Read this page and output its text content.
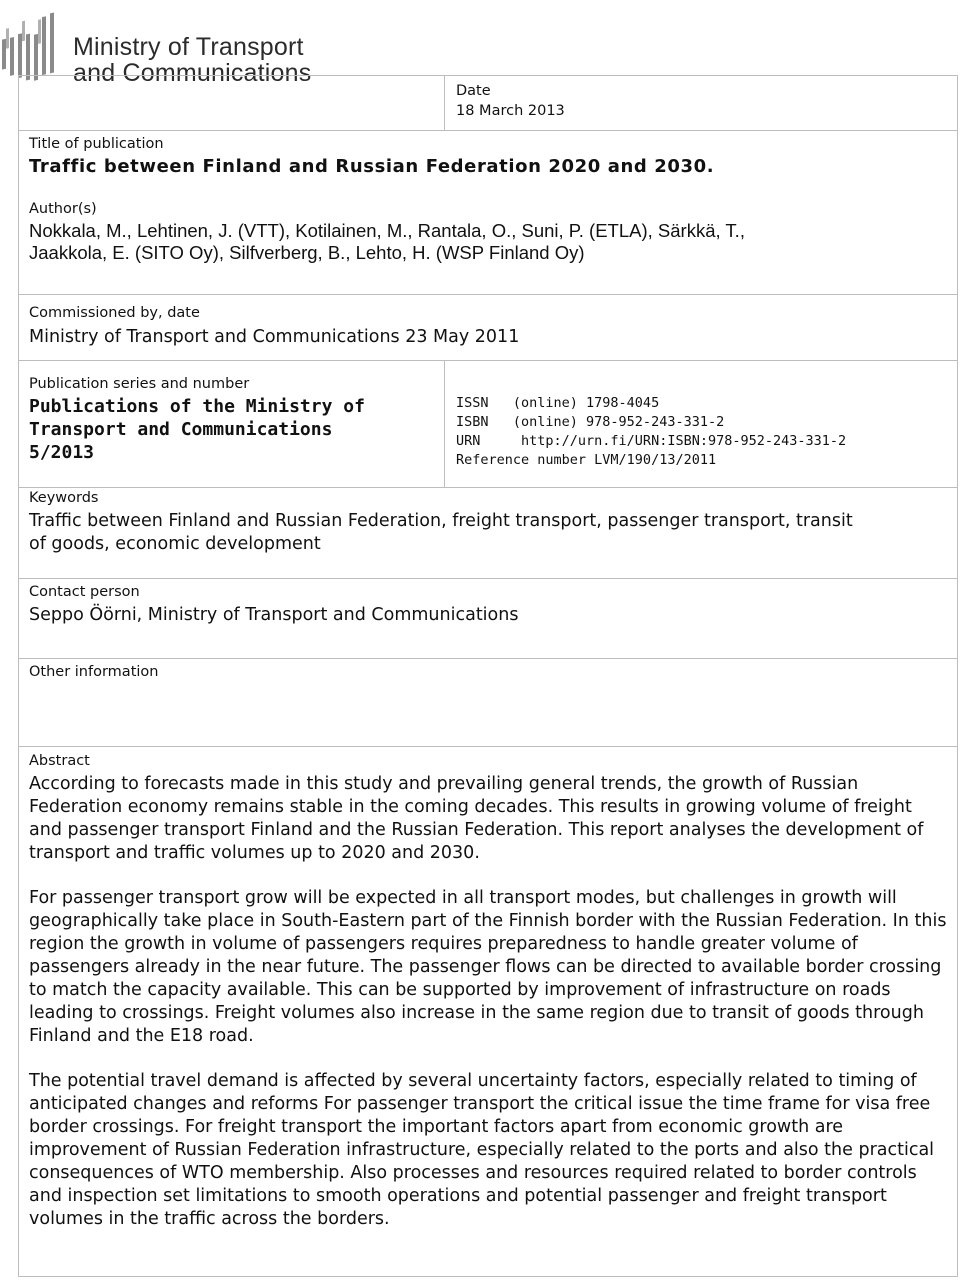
Ministry of Transport
and Communications
Date
18 March 2013
Title of publication
Traffic between Finland and Russian Federation 2020 and 2030.
Author(s)
Nokkala, M., Lehtinen, J. (VTT), Kotilainen, M., Rantala, O., Suni, P. (ETLA), Särkkä, T.,
Jaakkola, E. (SITO Oy), Silfverberg, B., Lehto, H. (WSP Finland Oy)
Commissioned by, date
Ministry of Transport and Communications 23 May 2011
Publication series and number
Publications of the Ministry of
Transport and Communications
5/2013
ISSN   (online) 1798-4045
ISBN   (online) 978-952-243-331-2
URN     http://urn.fi/URN:ISBN:978-952-243-331-2
Reference number LVM/190/13/2011
Keywords
Traffic between Finland and Russian Federation, freight transport, passenger transport, transit
of goods, economic development
Contact person
Seppo Öörni, Ministry of Transport and Communications
Other information
Abstract

According to forecasts made in this study and prevailing general trends, the growth of Russian Federation economy remains stable in the coming decades. This results in growing volume of freight and passenger transport Finland and the Russian Federation. This report analyses the development of transport and traffic volumes up to 2020 and 2030.

For passenger transport grow will be expected in all transport modes, but challenges in growth will geographically take place in South-Eastern part of the Finnish border with the Russian Federation. In this region the growth in volume of passengers requires preparedness to handle greater volume of passengers already in the near future. The passenger flows can be directed to available border crossing to match the capacity available. This can be supported by improvement of infrastructure on roads leading to crossings. Freight volumes also increase in the same region due to transit of goods through Finland and the E18 road.

The potential travel demand is affected by several uncertainty factors, especially related to timing of anticipated changes and reforms For passenger transport the critical issue the time frame for visa free border crossings. For freight transport the important factors apart from economic growth are improvement of Russian Federation infrastructure, especially related to the ports and also the practical consequences of WTO membership. Also processes and resources required related to border controls and inspection set limitations to smooth operations and potential passenger and freight transport volumes in the traffic across the borders.
